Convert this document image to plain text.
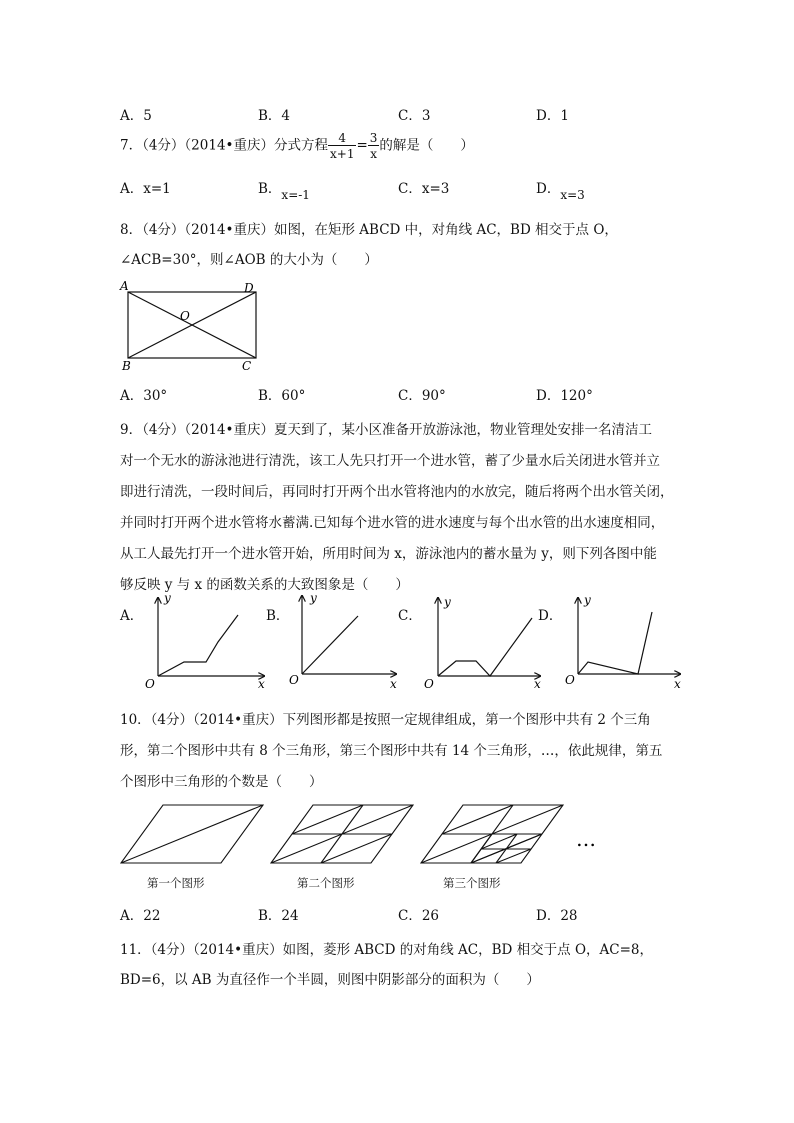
A．5	B．4	C．3	D．1
7．（4分）（2014•重庆）分式方程 $\frac{4}{x+1} = \frac{3}{x}$ 的解是（　　）
A．x=1	B．x=-1	C．x=3	D．x=3
8．（4分）（2014•重庆）如图，在矩形 ABCD 中，对角线 AC，BD 相交于点 O，
∠ACB=30°，则∠AOB 的大小为（　　）
A	D
O
B	C
A．30°	B．60°	C．90°	D．120°
9．（4分）（2014•重庆）夏天到了，某小区准备开放游泳池，物业管理处安排一名清洁工
对一个无水的游泳池进行清洗，该工人先只打开一个进水管，蓄了少量水后关闭进水管并立
即进行清洗，一段时间后，再同时打开两个出水管将池内的水放完，随后将两个出水管关闭，
并同时打开两个进水管将水蓄满.已知每个进水管的进水速度与每个出水管的出水速度相同，
从工人最先打开一个进水管开始，所用时间为 x，游泳池内的蓄水量为 y，则下列各图中能
够反映 y 与 x 的函数关系的大致图象是（　　）
A．	B．	C．	D．
y
x
O
y
x
O
y
x
O
y
x
O
10．（4分）（2014•重庆）下列图形都是按照一定规律组成，第一个图形中共有 2 个三角
形，第二个图形中共有 8 个三角形，第三个图形中共有 14 个三角形，…，依此规律，第五
个图形中三角形的个数是（　　）
…
第一个图形	第二个图形	第三个图形
A．22	B．24	C．26	D．28
11．（4分）（2014•重庆）如图，菱形 ABCD 的对角线 AC，BD 相交于点 O，AC=8，
BD=6，以 AB 为直径作一个半圆，则图中阴影部分的面积为（　　）
